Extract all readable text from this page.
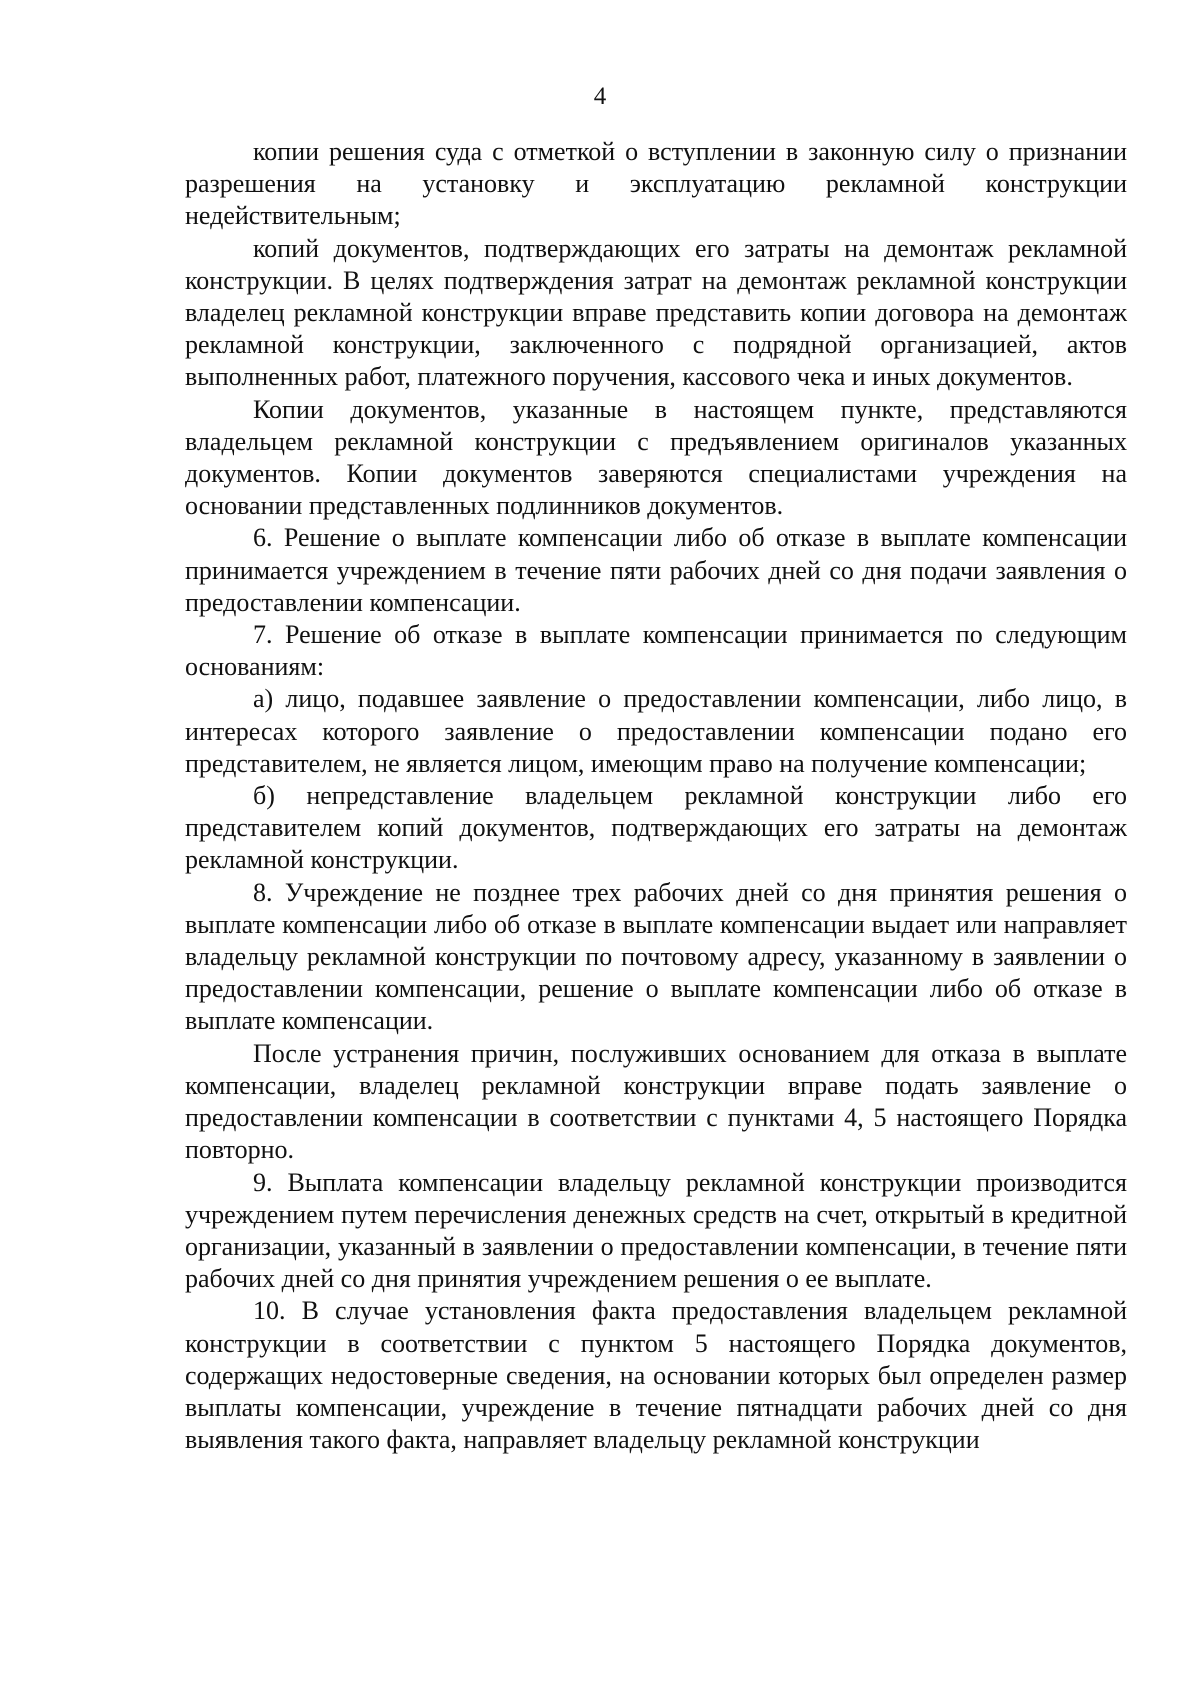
4

копии решения суда с отметкой о вступлении в законную силу о признании разрешения на установку и эксплуатацию рекламной конструкции недействительным;

копий документов, подтверждающих его затраты на демонтаж рекламной конструкции. В целях подтверждения затрат на демонтаж рекламной конструкции владелец рекламной конструкции вправе представить копии договора на демонтаж рекламной конструкции, заключенного с подрядной организацией, актов выполненных работ, платежного поручения, кассового чека и иных документов.

Копии документов, указанные в настоящем пункте, представляются владельцем рекламной конструкции с предъявлением оригиналов указанных документов. Копии документов заверяются специалистами учреждения на основании представленных подлинников документов.

6. Решение о выплате компенсации либо об отказе в выплате компенсации принимается учреждением в течение пяти рабочих дней со дня подачи заявления о предоставлении компенсации.

7. Решение об отказе в выплате компенсации принимается по следующим основаниям:

а) лицо, подавшее заявление о предоставлении компенсации, либо лицо, в интересах которого заявление о предоставлении компенсации подано его представителем, не является лицом, имеющим право на получение компенсации;

б) непредставление владельцем рекламной конструкции либо его представителем копий документов, подтверждающих его затраты на демонтаж рекламной конструкции.

8. Учреждение не позднее трех рабочих дней со дня принятия решения о выплате компенсации либо об отказе в выплате компенсации выдает или направляет владельцу рекламной конструкции по почтовому адресу, указанному в заявлении о предоставлении компенсации, решение о выплате компенсации либо об отказе в выплате компенсации.

После устранения причин, послуживших основанием для отказа в выплате компенсации, владелец рекламной конструкции вправе подать заявление о предоставлении компенсации в соответствии с пунктами 4, 5 настоящего Порядка повторно.

9. Выплата компенсации владельцу рекламной конструкции производится учреждением путем перечисления денежных средств на счет, открытый в кредитной организации, указанный в заявлении о предоставлении компенсации, в течение пяти рабочих дней со дня принятия учреждением решения о ее выплате.

10. В случае установления факта предоставления владельцем рекламной конструкции в соответствии с пунктом 5 настоящего Порядка документов, содержащих недостоверные сведения, на основании которых был определен размер выплаты компенсации, учреждение в течение пятнадцати рабочих дней со дня выявления такого факта, направляет владельцу рекламной конструкции
